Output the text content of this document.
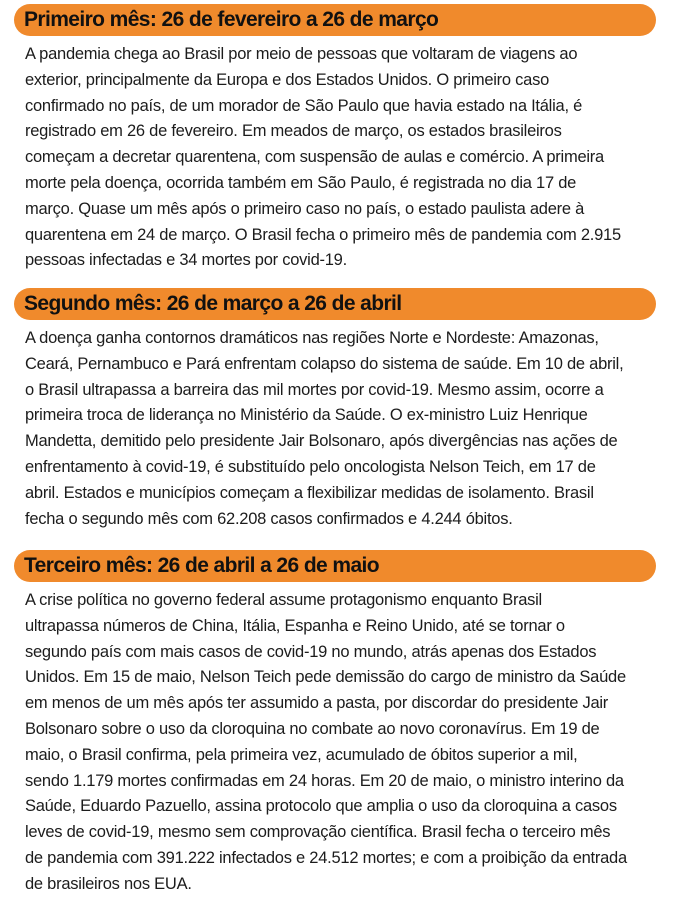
Primeiro mês: 26 de fevereiro a 26 de março
A pandemia chega ao Brasil por meio de pessoas que voltaram de viagens ao
exterior, principalmente da Europa e dos Estados Unidos. O primeiro caso
confirmado no país, de um morador de São Paulo que havia estado na Itália, é
registrado em 26 de fevereiro. Em meados de março, os estados brasileiros
começam a decretar quarentena, com suspensão de aulas e comércio. A primeira
morte pela doença, ocorrida também em São Paulo, é registrada no dia 17 de
março. Quase um mês após o primeiro caso no país, o estado paulista adere à
quarentena em 24 de março. O Brasil fecha o primeiro mês de pandemia com 2.915
pessoas infectadas e 34 mortes por covid-19.
Segundo mês: 26 de março a 26 de abril
A doença ganha contornos dramáticos nas regiões Norte e Nordeste: Amazonas,
Ceará, Pernambuco e Pará enfrentam colapso do sistema de saúde. Em 10 de abril,
o Brasil ultrapassa a barreira das mil mortes por covid-19. Mesmo assim, ocorre a
primeira troca de liderança no Ministério da Saúde. O ex-ministro Luiz Henrique
Mandetta, demitido pelo presidente Jair Bolsonaro, após divergências nas ações de
enfrentamento à covid-19, é substituído pelo oncologista Nelson Teich, em 17 de
abril. Estados e municípios começam a flexibilizar medidas de isolamento. Brasil
fecha o segundo mês com 62.208 casos confirmados e 4.244 óbitos.
Terceiro mês: 26 de abril a 26 de maio
A crise política no governo federal assume protagonismo enquanto Brasil
ultrapassa números de China, Itália, Espanha e Reino Unido, até se tornar o
segundo país com mais casos de covid-19 no mundo, atrás apenas dos Estados
Unidos. Em 15 de maio, Nelson Teich pede demissão do cargo de ministro da Saúde
em menos de um mês após ter assumido a pasta, por discordar do presidente Jair
Bolsonaro sobre o uso da cloroquina no combate ao novo coronavírus. Em 19 de
maio, o Brasil confirma, pela primeira vez, acumulado de óbitos superior a mil,
sendo 1.179 mortes confirmadas em 24 horas. Em 20 de maio, o ministro interino da
Saúde, Eduardo Pazuello, assina protocolo que amplia o uso da cloroquina a casos
leves de covid-19, mesmo sem comprovação científica. Brasil fecha o terceiro mês
de pandemia com 391.222 infectados e 24.512 mortes; e com a proibição da entrada
de brasileiros nos EUA.
